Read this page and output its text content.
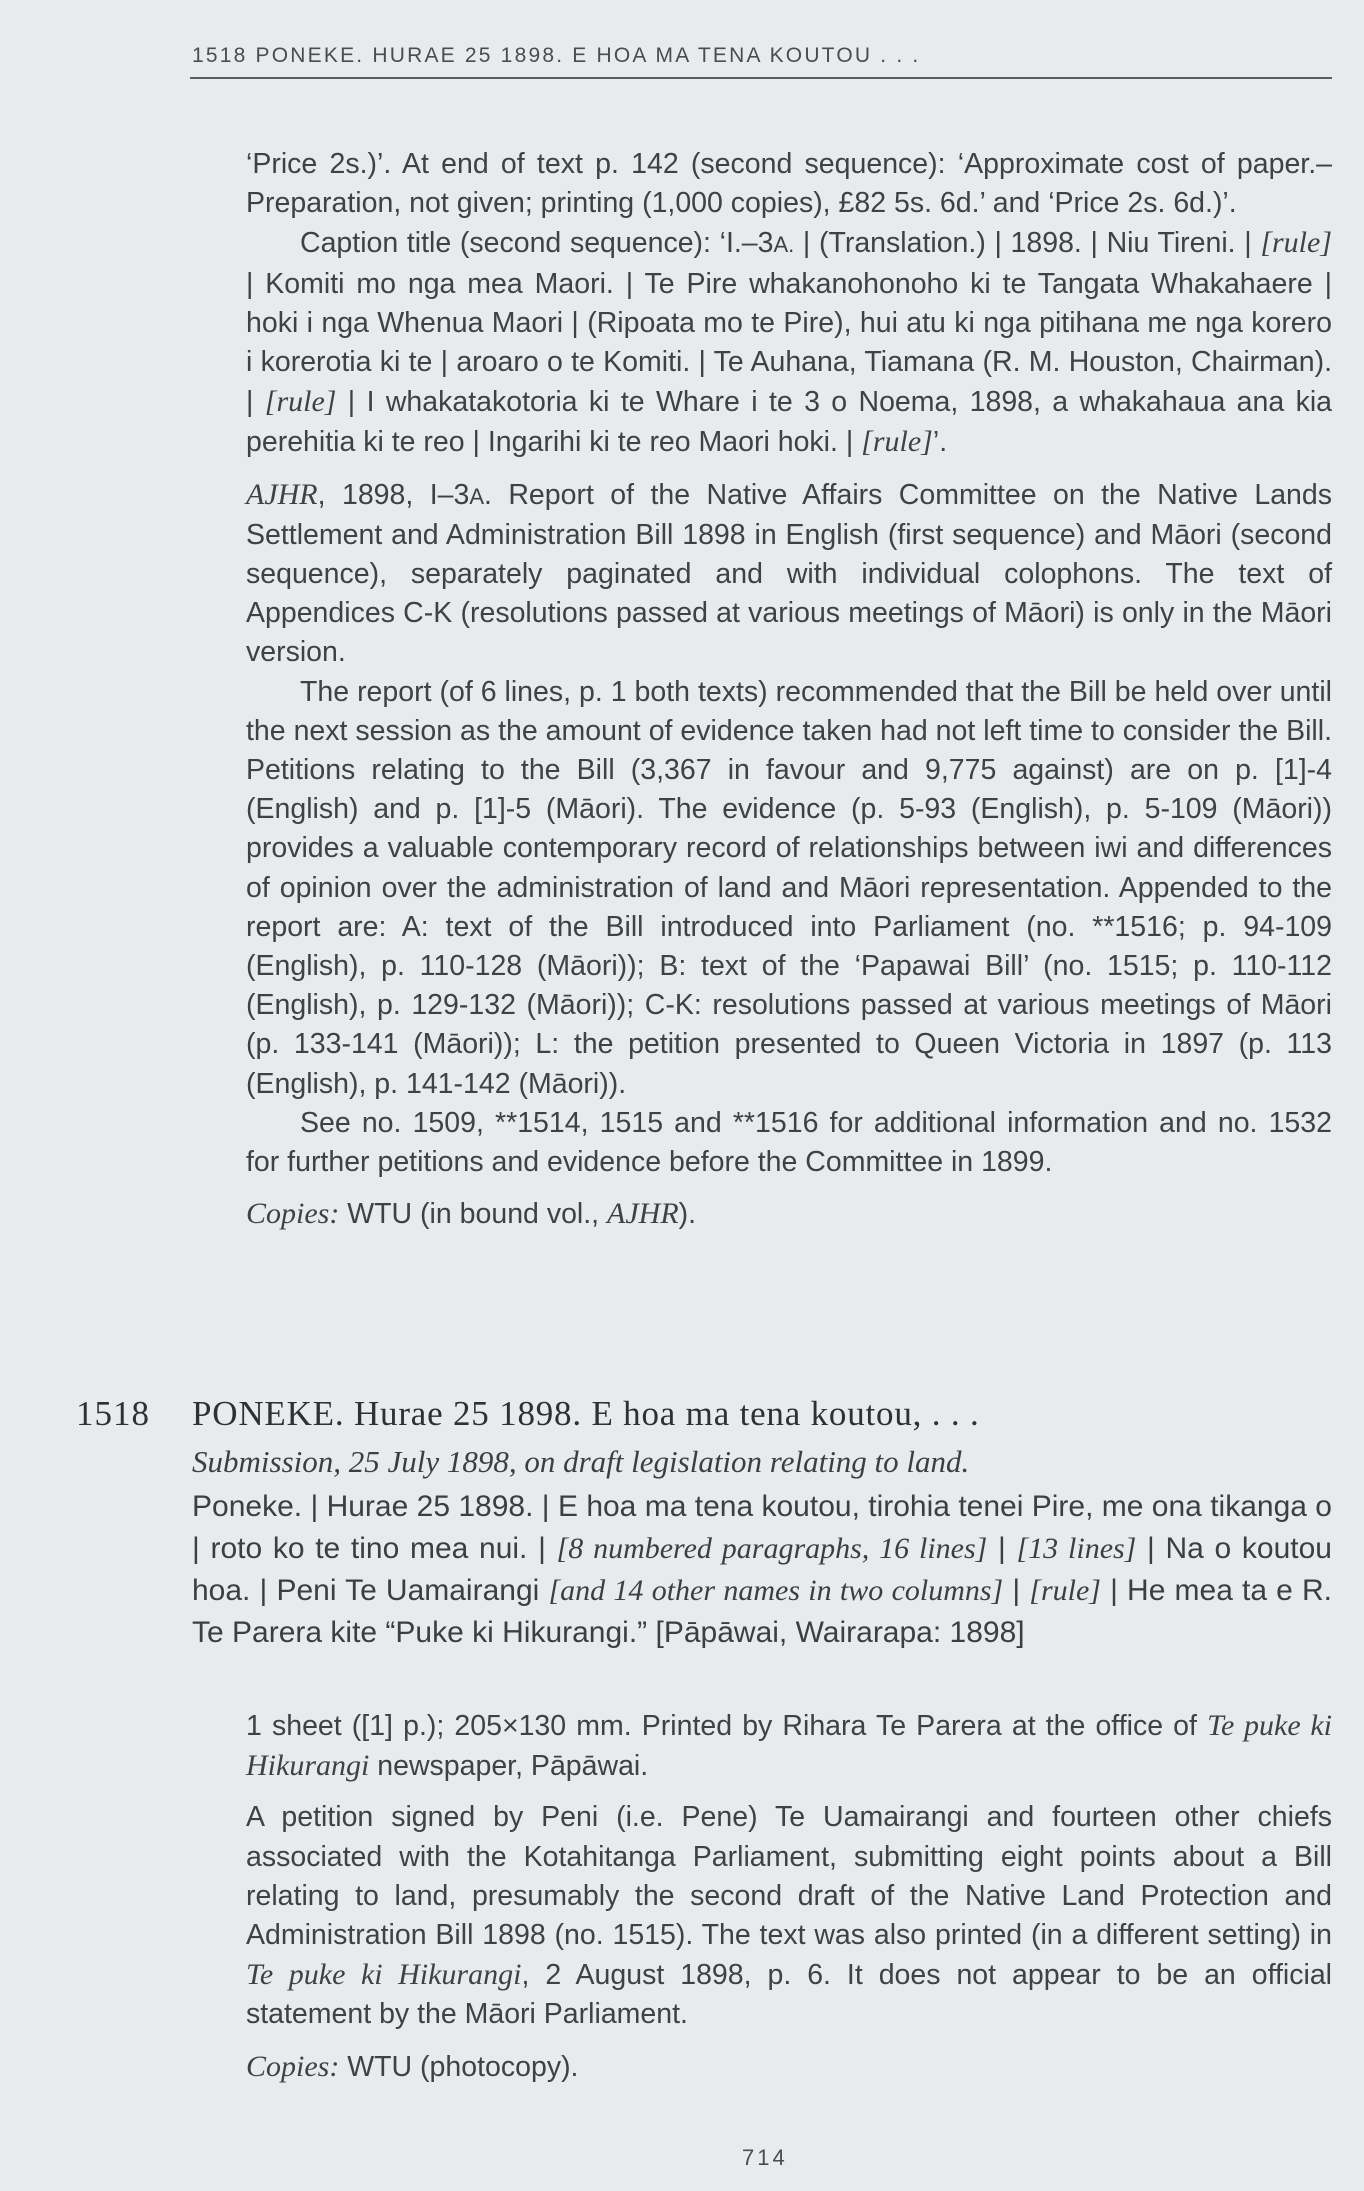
1518 PONEKE. HURAE 25 1898. E HOA MA TENA KOUTOU . . .

‘Price 2s.)’. At end of text p. 142 (second sequence): ‘Approximate cost of paper.–Preparation, not given; printing (1,000 copies), £82 5s. 6d.’ and ‘Price 2s. 6d.)’.

Caption title (second sequence): ‘I.–3A. | (Translation.) | 1898. | Niu Tireni. | [rule] | Komiti mo nga mea Maori. | Te Pire whakanohonoho ki te Tangata Whakahaere | hoki i nga Whenua Maori | (Ripoata mo te Pire), hui atu ki nga pitihana me nga korero i korerotia ki te | aroaro o te Komiti. | Te Auhana, Tiamana (R. M. Houston, Chairman). | [rule] | I whakatakotoria ki te Whare i te 3 o Noema, 1898, a whakahaua ana kia perehitia ki te reo | Ingarihi ki te reo Maori hoki. | [rule]’.

AJHR, 1898, I–3A. Report of the Native Affairs Committee on the Native Lands Settlement and Administration Bill 1898 in English (first sequence) and Māori (second sequence), separately paginated and with individual colophons. The text of Appendices C-K (resolutions passed at various meetings of Māori) is only in the Māori version.

The report (of 6 lines, p. 1 both texts) recommended that the Bill be held over until the next session as the amount of evidence taken had not left time to consider the Bill. Petitions relating to the Bill (3,367 in favour and 9,775 against) are on p. [1]-4 (English) and p. [1]-5 (Māori). The evidence (p. 5-93 (English), p. 5-109 (Māori)) provides a valuable contemporary record of relationships between iwi and differences of opinion over the administration of land and Māori representation. Appended to the report are: A: text of the Bill introduced into Parliament (no. **1516; p. 94-109 (English), p. 110-128 (Māori)); B: text of the ‘Papawai Bill’ (no. 1515; p. 110-112 (English), p. 129-132 (Māori)); C-K: resolutions passed at various meetings of Māori (p. 133-141 (Māori)); L: the petition presented to Queen Victoria in 1897 (p. 113 (English), p. 141-142 (Māori)).

See no. 1509, **1514, 1515 and **1516 for additional information and no. 1532 for further petitions and evidence before the Committee in 1899.

Copies: WTU (in bound vol., AJHR).

1518 PONEKE. Hurae 25 1898. E hoa ma tena koutou, . . .
Submission, 25 July 1898, on draft legislation relating to land.

Poneke. | Hurae 25 1898. | E hoa ma tena koutou, tirohia tenei Pire, me ona tikanga o | roto ko te tino mea nui. | [8 numbered paragraphs, 16 lines] | [13 lines] | Na o koutou hoa. | Peni Te Uamairangi [and 14 other names in two columns] | [rule] | He mea ta e R. Te Parera kite “Puke ki Hikurangi.” [Pāpāwai, Wairarapa: 1898]

1 sheet ([1] p.); 205×130 mm. Printed by Rihara Te Parera at the office of Te puke ki Hikurangi newspaper, Pāpāwai.

A petition signed by Peni (i.e. Pene) Te Uamairangi and fourteen other chiefs associated with the Kotahitanga Parliament, submitting eight points about a Bill relating to land, presumably the second draft of the Native Land Protection and Administration Bill 1898 (no. 1515). The text was also printed (in a different setting) in Te puke ki Hikurangi, 2 August 1898, p. 6. It does not appear to be an official statement by the Māori Parliament.

Copies: WTU (photocopy).

714
